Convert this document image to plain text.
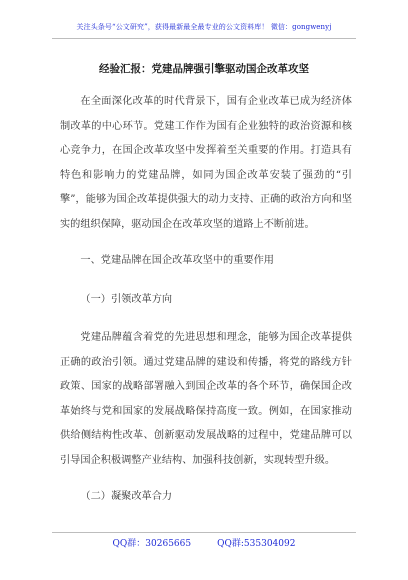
关注头条号“公文研究”，获得最新最全最专业的公文资料库！ 微信：gongwenyj
经验汇报：党建品牌强引擎驱动国企改革攻坚

在全面深化改革的时代背景下，国有企业改革已成为经济体制改革的中心环节。党建工作作为国有企业独特的政治资源和核心竞争力，在国企改革攻坚中发挥着至关重要的作用。打造具有特色和影响力的党建品牌，如同为国企改革安装了强劲的“引擎”，能够为国企改革提供强大的动力支持、正确的政治方向和坚实的组织保障，驱动国企在改革攻坚的道路上不断前进。

一、党建品牌在国企改革攻坚中的重要作用

（一）引领改革方向

党建品牌蕴含着党的先进思想和理念，能够为国企改革提供正确的政治引领。通过党建品牌的建设和传播，将党的路线方针政策、国家的战略部署融入到国企改革的各个环节，确保国企改革始终与党和国家的发展战略保持高度一致。例如，在国家推动供给侧结构性改革、创新驱动发展战略的过程中，党建品牌可以引导国企积极调整产业结构、加强科技创新，实现转型升级。

（二）凝聚改革合力

QQ群：30265665	QQ群:535304092
